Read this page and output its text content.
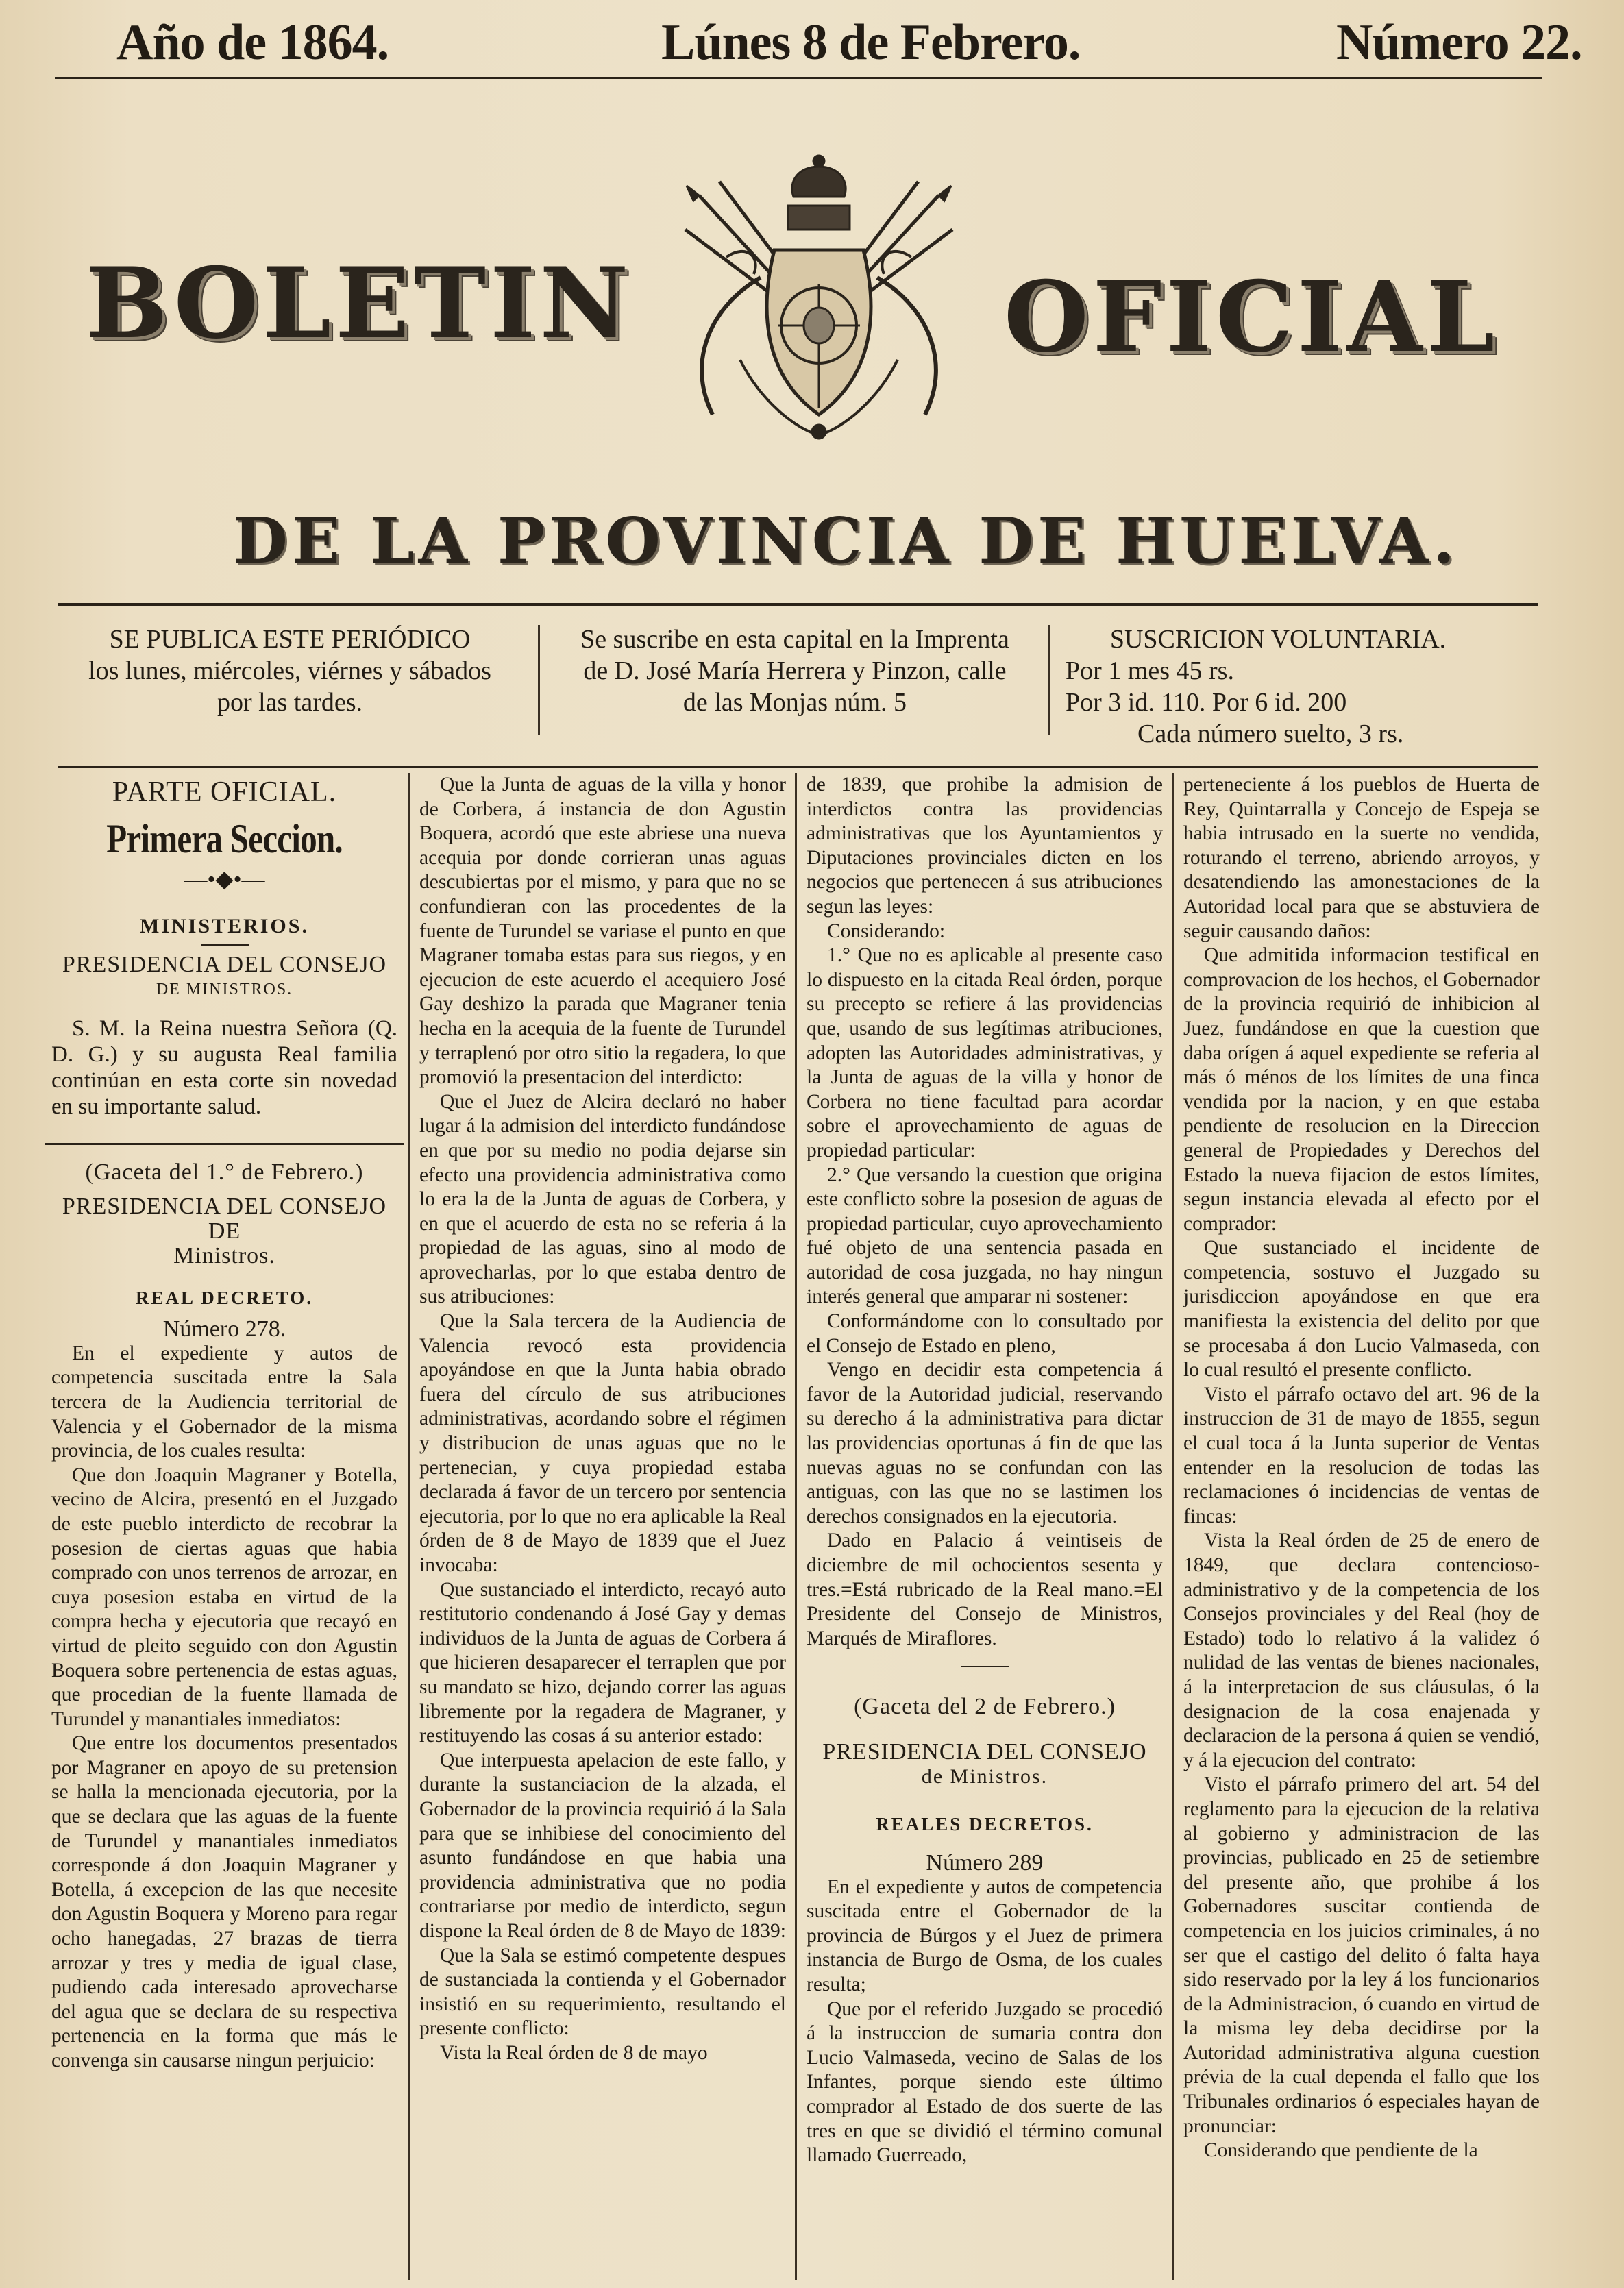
Año de 1864.	Lúnes 8 de Febrero.	Número 22.
BOLETIN	OFICIAL
DE LA PROVINCIA DE HUELVA.
SE PUBLICA ESTE PERIÓDICO
los lunes, miércoles, viérnes y sábados
por las tardes.
Se suscribe en esta capital en la Imprenta
de D. José María Herrera y Pinzon, calle
de las Monjas núm. 5
SUSCRICION VOLUNTARIA.
Por 1 mes 45 rs.
Por 3 id. 110. Por 6 id. 200
Cada número suelto, 3 rs.
PARTE OFICIAL.
Primera Seccion.
—•◆•—
MINISTERIOS.
PRESIDENCIA DEL CONSEJO
DE MINISTROS.

S. M. la Reina nuestra Señora (Q. D. G.) y su augusta Real familia continúan en esta corte sin novedad en su importante salud.

(Gaceta del 1.° de Febrero.)
PRESIDENCIA DEL CONSEJO DE
Ministros.
REAL DECRETO.
Número 278.

En el expediente y autos de competencia suscitada entre la Sala tercera de la Audiencia territorial de Valencia y el Gobernador de la misma provincia, de los cuales resulta:

Que don Joaquin Magraner y Botella, vecino de Alcira, presentó en el Juzgado de este pueblo interdicto de recobrar la posesion de ciertas aguas que habia comprado con unos terrenos de arrozar, en cuya posesion estaba en virtud de la compra hecha y ejecutoria que recayó en virtud de pleito seguido con don Agustin Boquera sobre pertenencia de estas aguas, que procedian de la fuente llamada de Turundel y manantiales inmediatos:

Que entre los documentos presentados por Magraner en apoyo de su pretension se halla la mencionada ejecutoria, por la que se declara que las aguas de la fuente de Turundel y manantiales inmediatos corresponde á don Joaquin Magraner y Botella, á excepcion de las que necesite don Agustin Boquera y Moreno para regar ocho hanegadas, 27 brazas de tierra arrozar y tres y media de igual clase, pudiendo cada interesado aprovecharse del agua que se declara de su respectiva pertenencia en la forma que más le convenga sin causarse ningun perjuicio:

Que la Junta de aguas de la villa y honor de Corbera, á instancia de don Agustin Boquera, acordó que este abriese una nueva acequia por donde corrieran unas aguas descubiertas por el mismo, y para que no se confundieran con las procedentes de la fuente de Turundel se variase el punto en que Magraner tomaba estas para sus riegos, y en ejecucion de este acuerdo el acequiero José Gay deshizo la parada que Magraner tenia hecha en la acequia de la fuente de Turundel y terraplenó por otro sitio la regadera, lo que promovió la presentacion del interdicto:

Que el Juez de Alcira declaró no haber lugar á la admision del interdicto fundándose en que por su medio no podia dejarse sin efecto una providencia administrativa como lo era la de la Junta de aguas de Corbera, y en que el acuerdo de esta no se referia á la propiedad de las aguas, sino al modo de aprovecharlas, por lo que estaba dentro de sus atribuciones:

Que la Sala tercera de la Audiencia de Valencia revocó esta providencia apoyándose en que la Junta habia obrado fuera del círculo de sus atribuciones administrativas, acordando sobre el régimen y distribucion de unas aguas que no le pertenecian, y cuya propiedad estaba declarada á favor de un tercero por sentencia ejecutoria, por lo que no era aplicable la Real órden de 8 de Mayo de 1839 que el Juez invocaba:

Que sustanciado el interdicto, recayó auto restitutorio condenando á José Gay y demas individuos de la Junta de aguas de Corbera á que hicieren desaparecer el terraplen que por su mandato se hizo, dejando correr las aguas libremente por la regadera de Magraner, y restituyendo las cosas á su anterior estado:

Que interpuesta apelacion de este fallo, y durante la sustanciacion de la alzada, el Gobernador de la provincia requirió á la Sala para que se inhibiese del conocimiento del asunto fundándose en que habia una providencia administrativa que no podia contrariarse por medio de interdicto, segun dispone la Real órden de 8 de Mayo de 1839:

Que la Sala se estimó competente despues de sustanciada la contienda y el Gobernador insistió en su requerimiento, resultando el presente conflicto:

Vista la Real órden de 8 de mayo

de 1839, que prohibe la admision de interdictos contra las providencias administrativas que los Ayuntamientos y Diputaciones provinciales dicten en los negocios que pertenecen á sus atribuciones segun las leyes:

Considerando:

1.° Que no es aplicable al presente caso lo dispuesto en la citada Real órden, porque su precepto se refiere á las providencias que, usando de sus legítimas atribuciones, adopten las Autoridades administrativas, y la Junta de aguas de la villa y honor de Corbera no tiene facultad para acordar sobre el aprovechamiento de aguas de propiedad particular:

2.° Que versando la cuestion que origina este conflicto sobre la posesion de aguas de propiedad particular, cuyo aprovechamiento fué objeto de una sentencia pasada en autoridad de cosa juzgada, no hay ningun interés general que amparar ni sostener:

Conformándome con lo consultado por el Consejo de Estado en pleno,

Vengo en decidir esta competencia á favor de la Autoridad judicial, reservando su derecho á la administrativa para dictar las providencias oportunas á fin de que las nuevas aguas no se confundan con las antiguas, con las que no se lastimen los derechos consignados en la ejecutoria.

Dado en Palacio á veintiseis de diciembre de mil ochocientos sesenta y tres.=Está rubricado de la Real mano.=El Presidente del Consejo de Ministros, Marqués de Miraflores.

(Gaceta del 2 de Febrero.)
PRESIDENCIA DEL CONSEJO
de Ministros.
REALES DECRETOS.
Número 289

En el expediente y autos de competencia suscitada entre el Gobernador de la provincia de Búrgos y el Juez de primera instancia de Burgo de Osma, de los cuales resulta;

Que por el referido Juzgado se procedió á la instruccion de sumaria contra don Lucio Valmaseda, vecino de Salas de los Infantes, porque siendo este último comprador al Estado de dos suerte de las tres en que se dividió el término comunal llamado Guerreado,

perteneciente á los pueblos de Huerta de Rey, Quintarralla y Concejo de Espeja se habia intrusado en la suerte no vendida, roturando el terreno, abriendo arroyos, y desatendiendo las amonestaciones de la Autoridad local para que se abstuviera de seguir causando daños:

Que admitida informacion testifical en comprovacion de los hechos, el Gobernador de la provincia requirió de inhibicion al Juez, fundándose en que la cuestion que daba orígen á aquel expediente se referia al más ó ménos de los límites de una finca vendida por la nacion, y en que estaba pendiente de resolucion en la Direccion general de Propiedades y Derechos del Estado la nueva fijacion de estos límites, segun instancia elevada al efecto por el comprador:

Que sustanciado el incidente de competencia, sostuvo el Juzgado su jurisdiccion apoyándose en que era manifiesta la existencia del delito por que se procesaba á don Lucio Valmaseda, con lo cual resultó el presente conflicto.

Visto el párrafo octavo del art. 96 de la instruccion de 31 de mayo de 1855, segun el cual toca á la Junta superior de Ventas entender en la resolucion de todas las reclamaciones ó incidencias de ventas de fincas:

Vista la Real órden de 25 de enero de 1849, que declara contencioso-administrativo y de la competencia de los Consejos provinciales y del Real (hoy de Estado) todo lo relativo á la validez ó nulidad de las ventas de bienes nacionales, á la interpretacion de sus cláusulas, ó la designacion de la cosa enajenada y declaracion de la persona á quien se vendió, y á la ejecucion del contrato:

Visto el párrafo primero del art. 54 del reglamento para la ejecucion de la relativa al gobierno y administracion de las provincias, publicado en 25 de setiembre del presente año, que prohibe á los Gobernadores suscitar contienda de competencia en los juicios criminales, á no ser que el castigo del delito ó falta haya sido reservado por la ley á los funcionarios de la Administracion, ó cuando en virtud de la misma ley deba decidirse por la Autoridad administrativa alguna cuestion prévia de la cual dependa el fallo que los Tribunales ordinarios ó especiales hayan de pronunciar:

Considerando que pendiente de la
